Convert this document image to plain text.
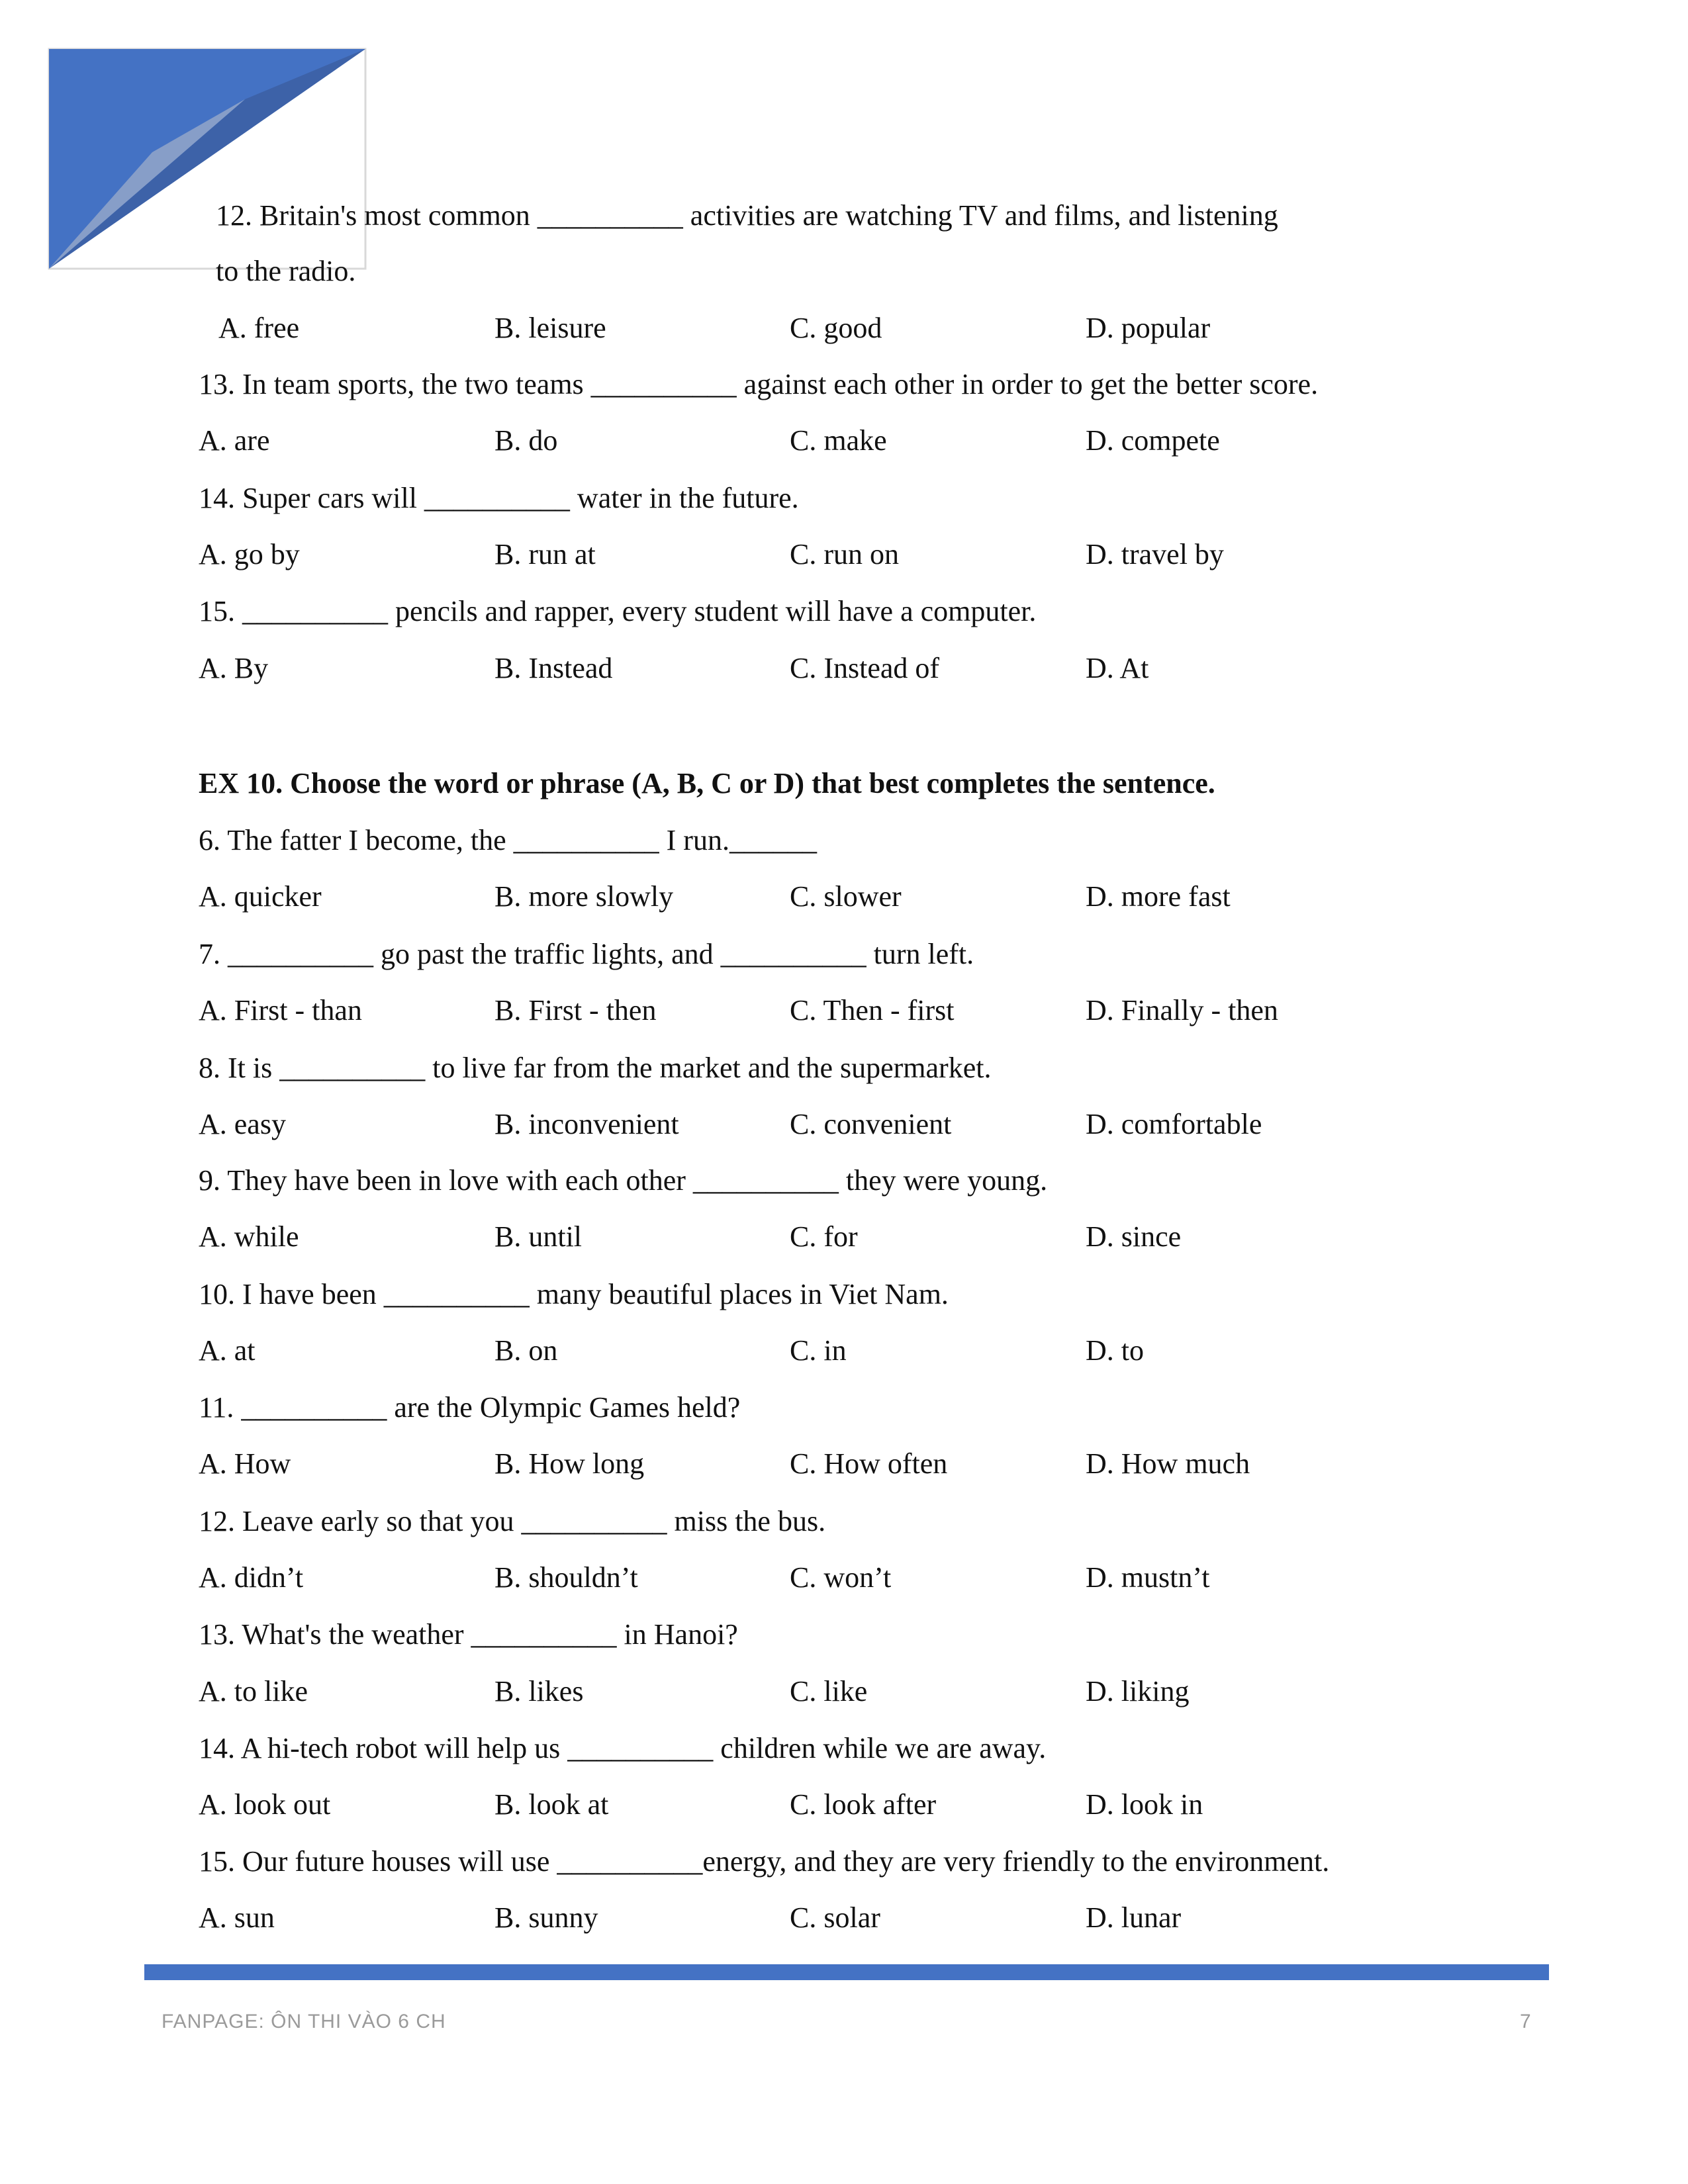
12. Britain's most common __________ activities are watching TV and films, and listening
to the radio.
A. free	B. leisure	C. good	D. popular
13. In team sports, the two teams __________ against each other in order to get the better score.
A. are	B. do	C. make	D. compete
14. Super cars will __________ water in the future.
A. go by	B. run at	C. run on	D. travel by
15. __________ pencils and rapper, every student will have a computer.
A. By	B. Instead	C. Instead of	D. At
EX 10. Choose the word or phrase (A, B, C or D) that best completes the sentence.
6. The fatter I become, the __________ I run.______
A. quicker	B. more slowly	C. slower	D. more fast
7. __________ go past the traffic lights, and __________ turn left.
A. First - than	B. First - then	C. Then - first	D. Finally - then
8. It is __________ to live far from the market and the supermarket.
A. easy	B. inconvenient	C. convenient	D. comfortable
9. They have been in love with each other __________ they were young.
A. while	B. until	C. for	D. since
10. I have been __________ many beautiful places in Viet Nam.
A. at	B. on	C. in	D. to
11. __________ are the Olympic Games held?
A. How	B. How long	C. How often	D. How much
12. Leave early so that you __________ miss the bus.
A. didn’t	B. shouldn’t	C. won’t	D. mustn’t
13. What's the weather __________ in Hanoi?
A. to like	B. likes	C. like	D. liking
14. A hi-tech robot will help us __________ children while we are away.
A. look out	B. look at	C. look after	D. look in
15. Our future houses will use __________energy, and they are very friendly to the environment.
A. sun	B. sunny	C. solar	D. lunar
FANPAGE: ÔN THI VÀO 6 CH	7
